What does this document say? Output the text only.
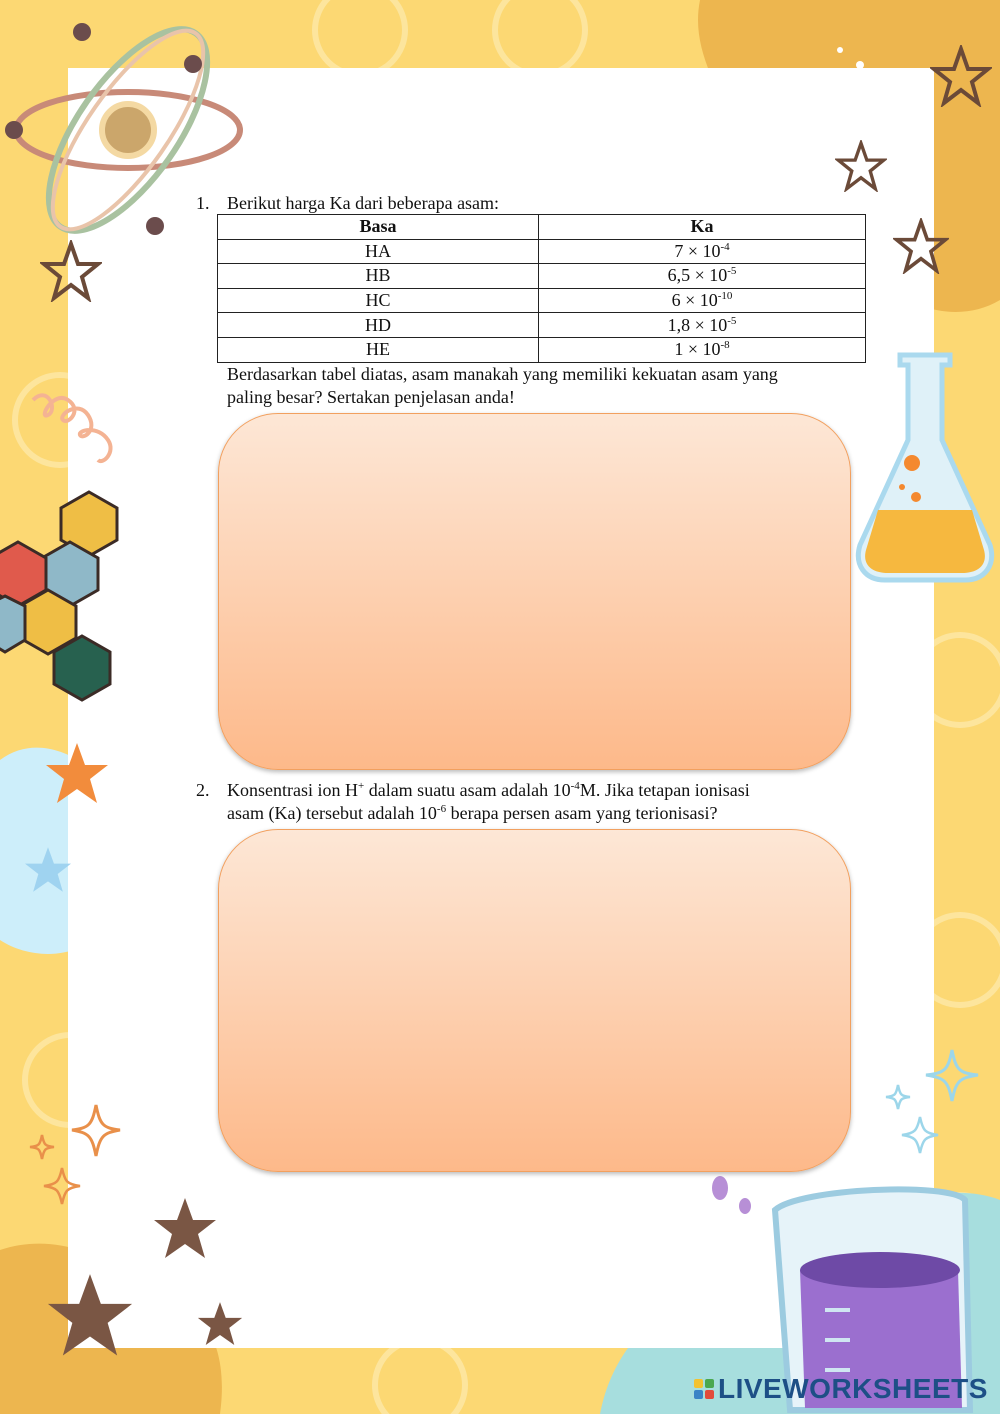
1. Berikut harga Ka dari beberapa asam:
Basa	Ka
HA	$7 \times 10^{-4}$
HB	$6,5 \times 10^{-5}$
HC	$6 \times 10^{-10}$
HD	$1,8 \times 10^{-5}$
HE	$1 \times 10^{-8}$
Berdasarkan tabel diatas, asam manakah yang memiliki kekuatan asam yang
paling besar? Sertakan penjelasan anda!
2. Konsentrasi ion H+ dalam suatu asam adalah $10^{-4}M$. Jika tetapan ionisasi
asam (Ka) tersebut adalah $10^{-6}$ berapa persen asam yang terionisasi?
LIVEWORKSHEETS
